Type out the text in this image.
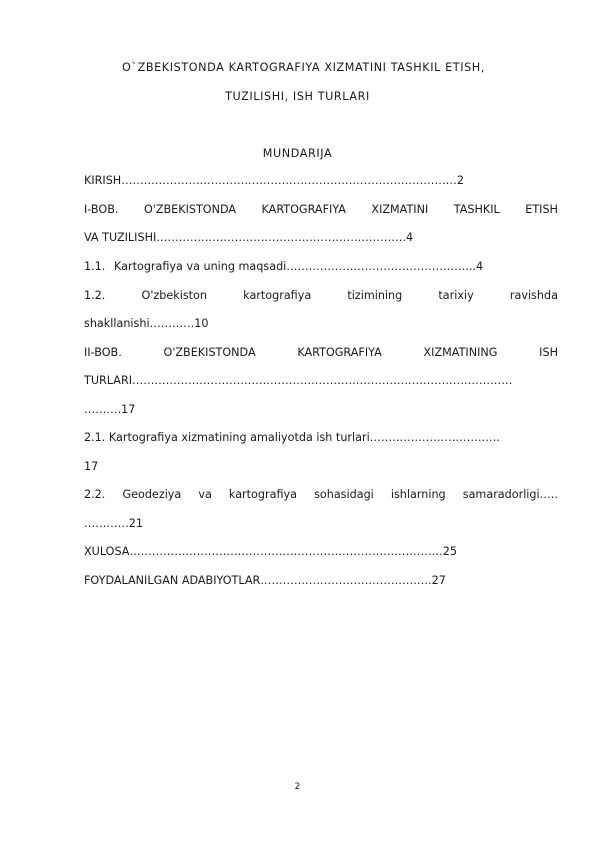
O`ZBEKISTONDA KARTOGRAFIYA XIZMATINI TASHKIL ETISH,
TUZILISHI, ISH TURLARI
MUNDARIJA
KIRISH………………………………………………………………………………2
I-BOB. O'ZBEKISTONDA KARTOGRAFIYA XIZMATINI TASHKIL ETISH
VA TUZILISHI………………………………………………………….4
1.1. Kartografiya va uning maqsadi…………………………………………...4
1.2.	O'zbekiston	kartografiya	tizimining	tarixiy	ravishda
shakllanishi…………10
II-BOB.	O'ZBEKISTONDA	KARTOGRAFIYA	XIZMATINING	ISH
TURLARI…………………………………………………………………………………………
……….17
2.1. Kartografiya xizmatining amaliyotda ish turlari……………………………..
17
2.2. Geodeziya va kartografiya sohasidagi ishlarning samaradorligi…..
…………21
XULOSA…………………………………………………………………………25
FOYDALANILGAN ADABIYOTLAR……………………………………….27
2
